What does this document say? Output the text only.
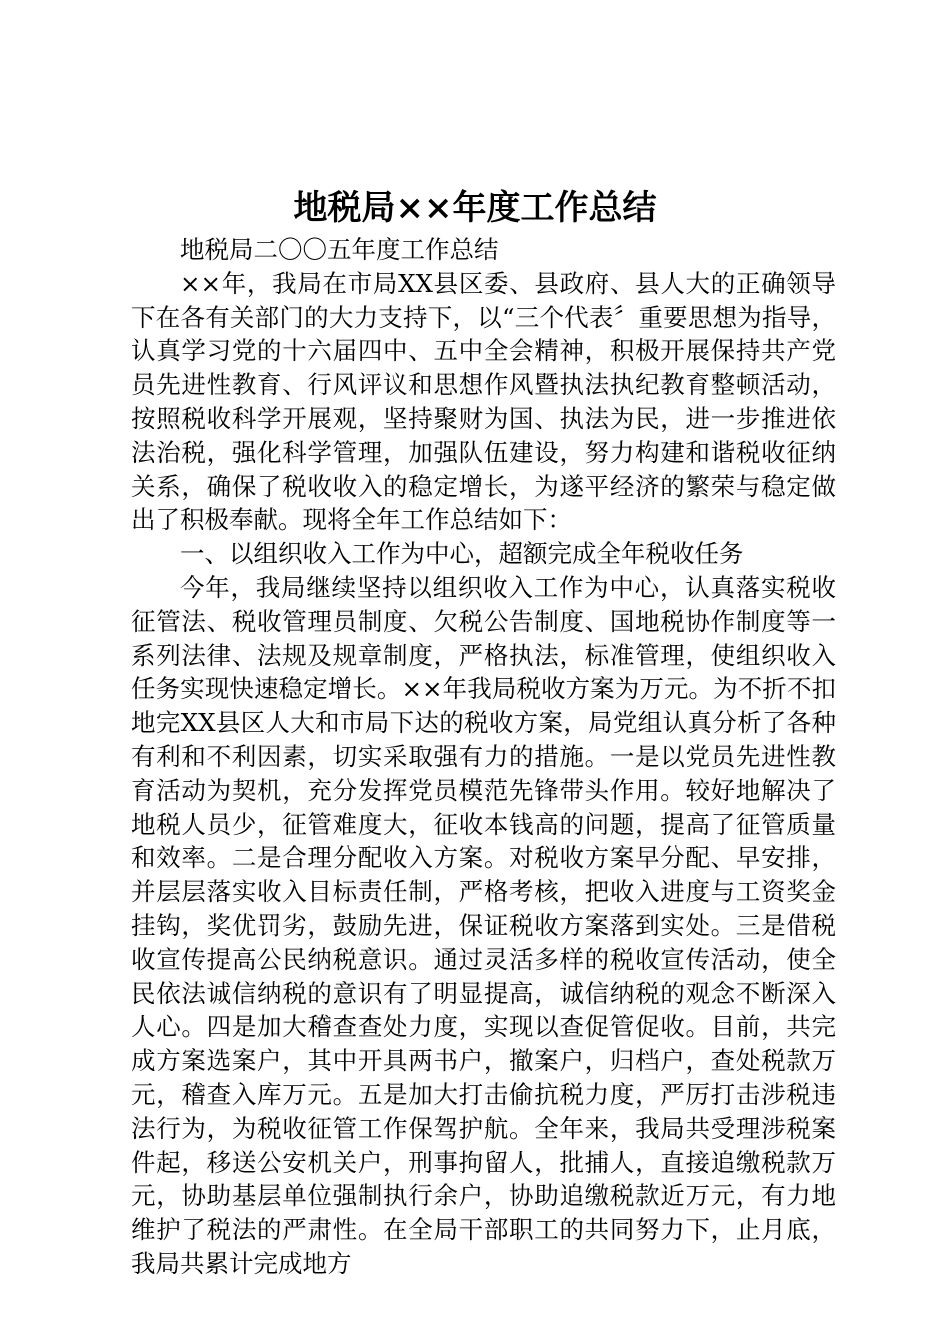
地税局××年度工作总结

地税局二〇〇五年度工作总结

××年，我局在市局XX县区委、县政府、县人大的正确领导下在各有关部门的大力支持下，以“三个代表〞重要思想为指导，认真学习党的十六届四中、五中全会精神，积极开展保持共产党员先进性教育、行风评议和思想作风暨执法执纪教育整顿活动，按照税收科学开展观，坚持聚财为国、执法为民，进一步推进依法治税，强化科学管理，加强队伍建设，努力构建和谐税收征纳关系，确保了税收收入的稳定增长，为遂平经济的繁荣与稳定做出了积极奉献。现将全年工作总结如下：

一、以组织收入工作为中心，超额完成全年税收任务

今年，我局继续坚持以组织收入工作为中心，认真落实税收征管法、税收管理员制度、欠税公告制度、国地税协作制度等一系列法律、法规及规章制度，严格执法，标准管理，使组织收入任务实现快速稳定增长。××年我局税收方案为万元。为不折不扣地完XX县区人大和市局下达的税收方案，局党组认真分析了各种有利和不利因素，切实采取强有力的措施。一是以党员先进性教育活动为契机，充分发挥党员模范先锋带头作用。较好地解决了地税人员少，征管难度大，征收本钱高的问题，提高了征管质量和效率。二是合理分配收入方案。对税收方案早分配、早安排，并层层落实收入目标责任制，严格考核，把收入进度与工资奖金挂钩，奖优罚劣，鼓励先进，保证税收方案落到实处。三是借税收宣传提高公民纳税意识。通过灵活多样的税收宣传活动，使全民依法诚信纳税的意识有了明显提高，诚信纳税的观念不断深入人心。四是加大稽查查处力度，实现以查促管促收。目前，共完成方案选案户，其中开具两书户，撤案户，归档户，查处税款万元，稽查入库万元。五是加大打击偷抗税力度，严厉打击涉税违法行为，为税收征管工作保驾护航。全年来，我局共受理涉税案件起，移送公安机关户，刑事拘留人，批捕人，直接追缴税款万元，协助基层单位强制执行余户，协助追缴税款近万元，有力地维护了税法的严肃性。在全局干部职工的共同努力下，止月底，我局共累计完成地方
